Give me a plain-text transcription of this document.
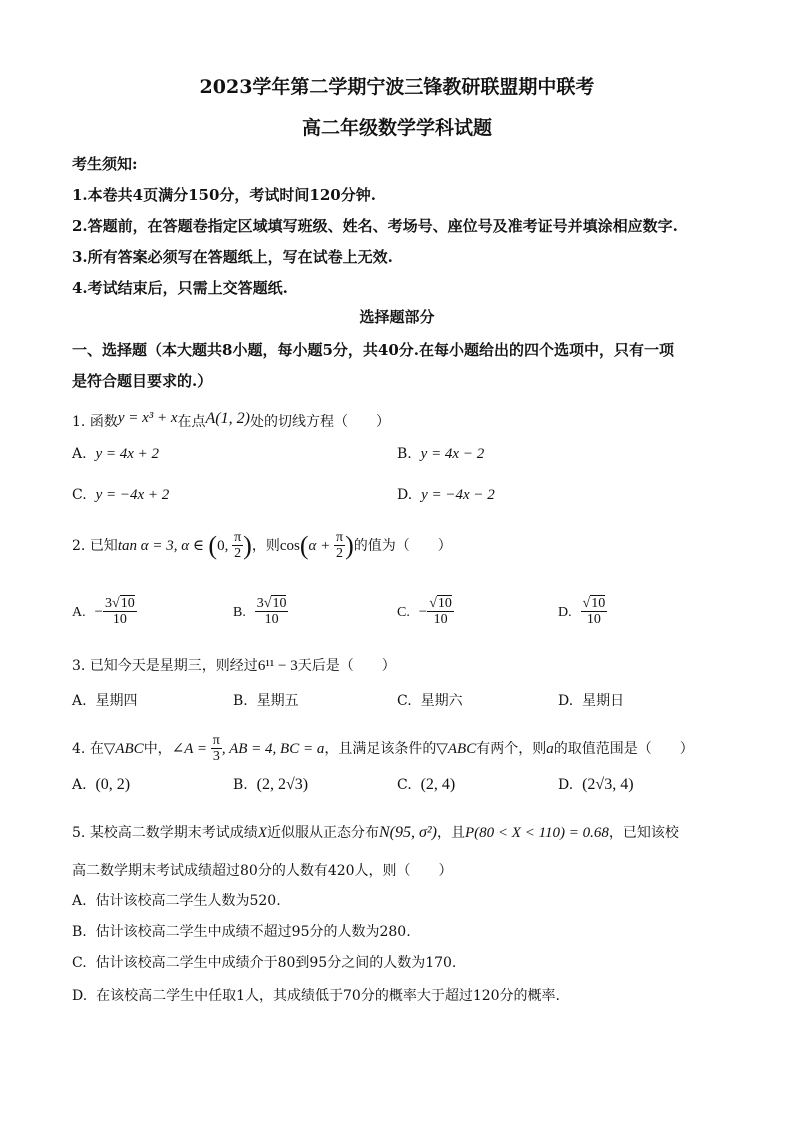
2023学年第二学期宁波三锋教研联盟期中联考
高二年级数学学科试题
考生须知:
1.本卷共4页满分150分，考试时间120分钟.
2.答题前，在答题卷指定区域填写班级、姓名、考场号、座位号及准考证号并填涂相应数字.
3.所有答案必须写在答题纸上，写在试卷上无效.
4.考试结束后，只需上交答题纸.
选择题部分
一、选择题（本大题共8小题，每小题5分，共40分.在每小题给出的四个选项中，只有一项
是符合题目要求的.）
1. 函数y = x³ + x在点A(1, 2)处的切线方程（　　）
A. y = 4x + 2	B. y = 4x − 2
C. y = −4x + 2	D. y = −4x − 2
2. 已知tan α = 3, α ∈ (0, $\frac{\pi}{2}$ )，则$\cos(\alpha + \frac{\pi}{2}$ )的值为（　　）
A. − $\frac{3√10}{10}$	B. $\frac{3√10}{10}$	C. − $\frac{√10}{10}$	D. $\frac{√10}{10}$
3. 已知今天是星期三，则经过6¹¹ − 3天后是（　　）
A. 星期四	B. 星期五	C. 星期六	D. 星期日
4. 在▽ABC中，∠A = $\frac{\pi}{3}$ , AB = 4, BC = a，且满足该条件的▽ABC有两个，则a的取值范围是（　　）
A. (0, 2)	B. (2, 2√3)	C. (2, 4)	D. (2√3, 4)
5. 某校高二数学期末考试成绩X近似服从正态分布N(95, σ²)，且P(80 < X < 110) = 0.68，已知该校
高二数学期末考试成绩超过80分的人数有420人，则（　　）
A. 估计该校高二学生人数为520.
B. 估计该校高二学生中成绩不超过95分的人数为280.
C. 估计该校高二学生中成绩介于80到95分之间的人数为170.
D. 在该校高二学生中任取1人，其成绩低于70分的概率大于超过120分的概率.
